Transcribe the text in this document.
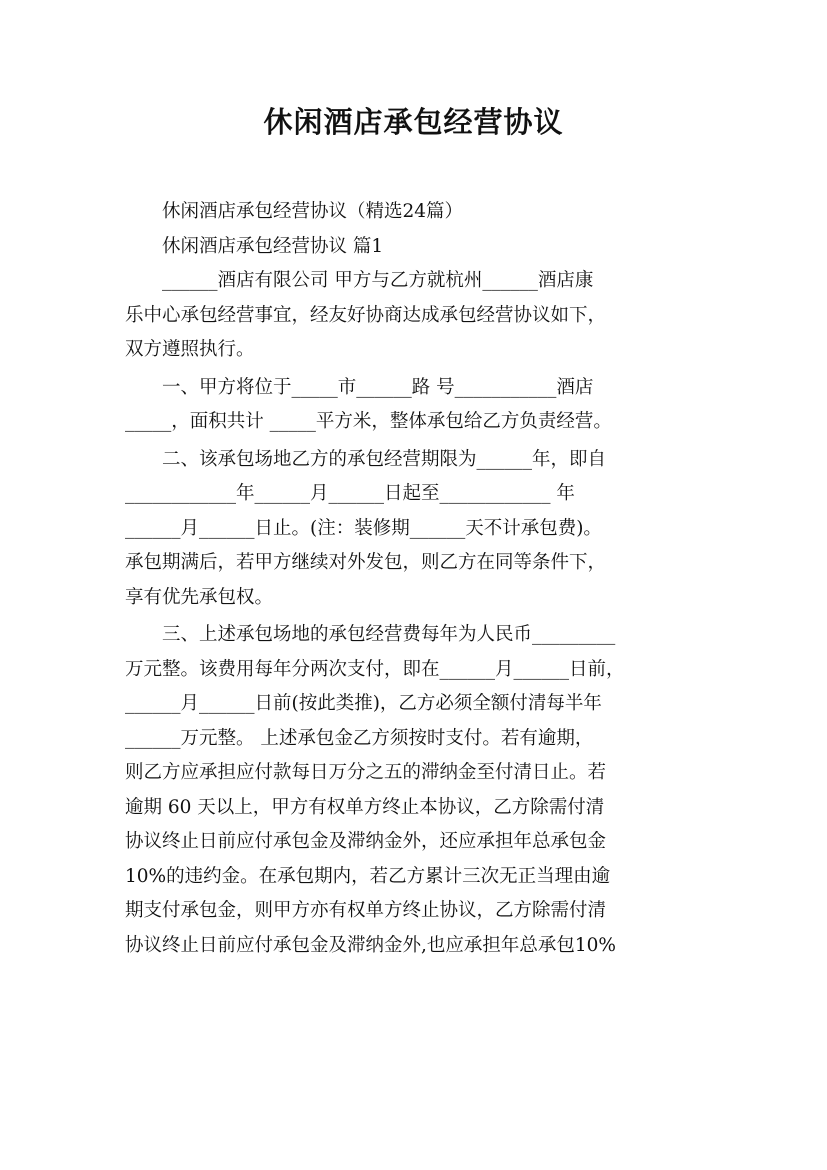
休闲酒店承包经营协议
　　休闲酒店承包经营协议（精选24篇）
　　休闲酒店承包经营协议 篇1
　　______酒店有限公司 甲方与乙方就杭州______酒店康
乐中心承包经营事宜，经友好协商达成承包经营协议如下，
双方遵照执行。
　　一、甲方将位于_____市______路 号___________酒店
_____，面积共计 _____平方米，整体承包给乙方负责经营。
　　二、该承包场地乙方的承包经营期限为______年，即自
____________年______月______日起至____________ 年
______月______日止。(注：装修期______天不计承包费)。
承包期满后，若甲方继续对外发包，则乙方在同等条件下，
享有优先承包权。
　　三、上述承包场地的承包经营费每年为人民币_________
万元整。该费用每年分两次支付，即在______月______日前，
______月______日前(按此类推)，乙方必须全额付清每半年
______万元整。 上述承包金乙方须按时支付。若有逾期，
则乙方应承担应付款每日万分之五的滞纳金至付清日止。若
逾期 60 天以上，甲方有权单方终止本协议，乙方除需付清
协议终止日前应付承包金及滞纳金外，还应承担年总承包金
10%的违约金。在承包期内，若乙方累计三次无正当理由逾
期支付承包金，则甲方亦有权单方终止协议，乙方除需付清
协议终止日前应付承包金及滞纳金外,也应承担年总承包10%
